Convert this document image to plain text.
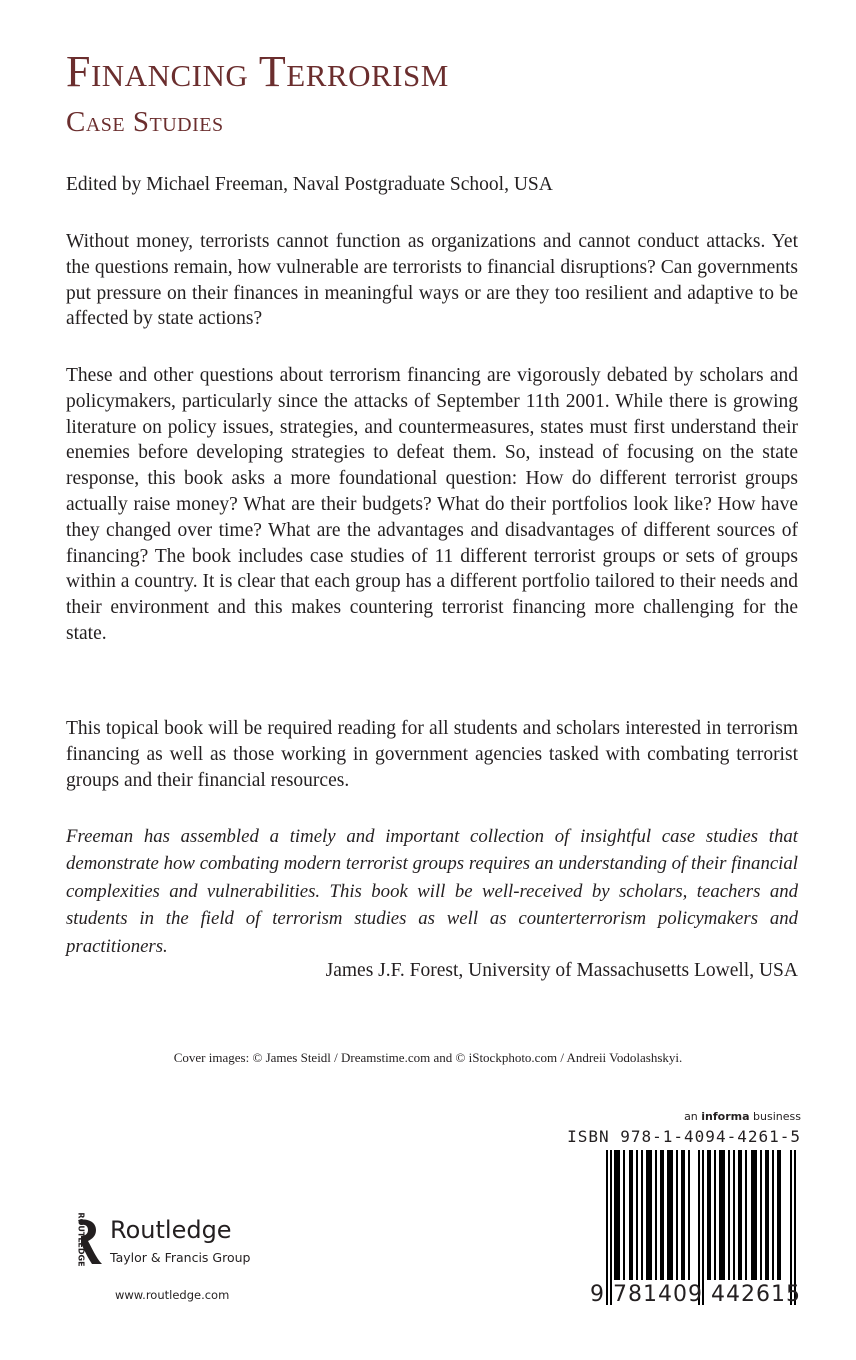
Financing Terrorism
Case Studies
Edited by Michael Freeman, Naval Postgraduate School, USA

Without money, terrorists cannot function as organizations and cannot conduct attacks. Yet the questions remain, how vulnerable are terrorists to financial disruptions? Can governments put pressure on their finances in meaningful ways or are they too resilient and adaptive to be affected by state actions?

These and other questions about terrorism financing are vigorously debated by scholars and policymakers, particularly since the attacks of September 11th 2001. While there is growing literature on policy issues, strategies, and countermeasures, states must first understand their enemies before developing strategies to defeat them. So, instead of focusing on the state response, this book asks a more foundational question: How do different terrorist groups actually raise money? What are their budgets? What do their portfolios look like? How have they changed over time? What are the advantages and disadvantages of different sources of financing? The book includes case studies of 11 different terrorist groups or sets of groups within a country. It is clear that each group has a different portfolio tailored to their needs and their environment and this makes countering terrorist financing more challenging for the state.

This topical book will be required reading for all students and scholars interested in terrorism financing as well as those working in government agencies tasked with combating terrorist groups and their financial resources.

Freeman has assembled a timely and important collection of insightful case studies that demonstrate how combating modern terrorist groups requires an understanding of their financial complexities and vulnerabilities. This book will be well-received by scholars, teachers and students in the field of terrorism studies as well as counterterrorism policymakers and practitioners.

James J.F. Forest, University of Massachusetts Lowell, USA
Cover images: © James Steidl / Dreamstime.com and © iStockphoto.com / Andreii Vodolashskyi.
ROUTLEDGE Routledge
Taylor & Francis Group
www.routledge.com
an informa business
ISBN 978-1-4094-4261-5
9 781409 442615
